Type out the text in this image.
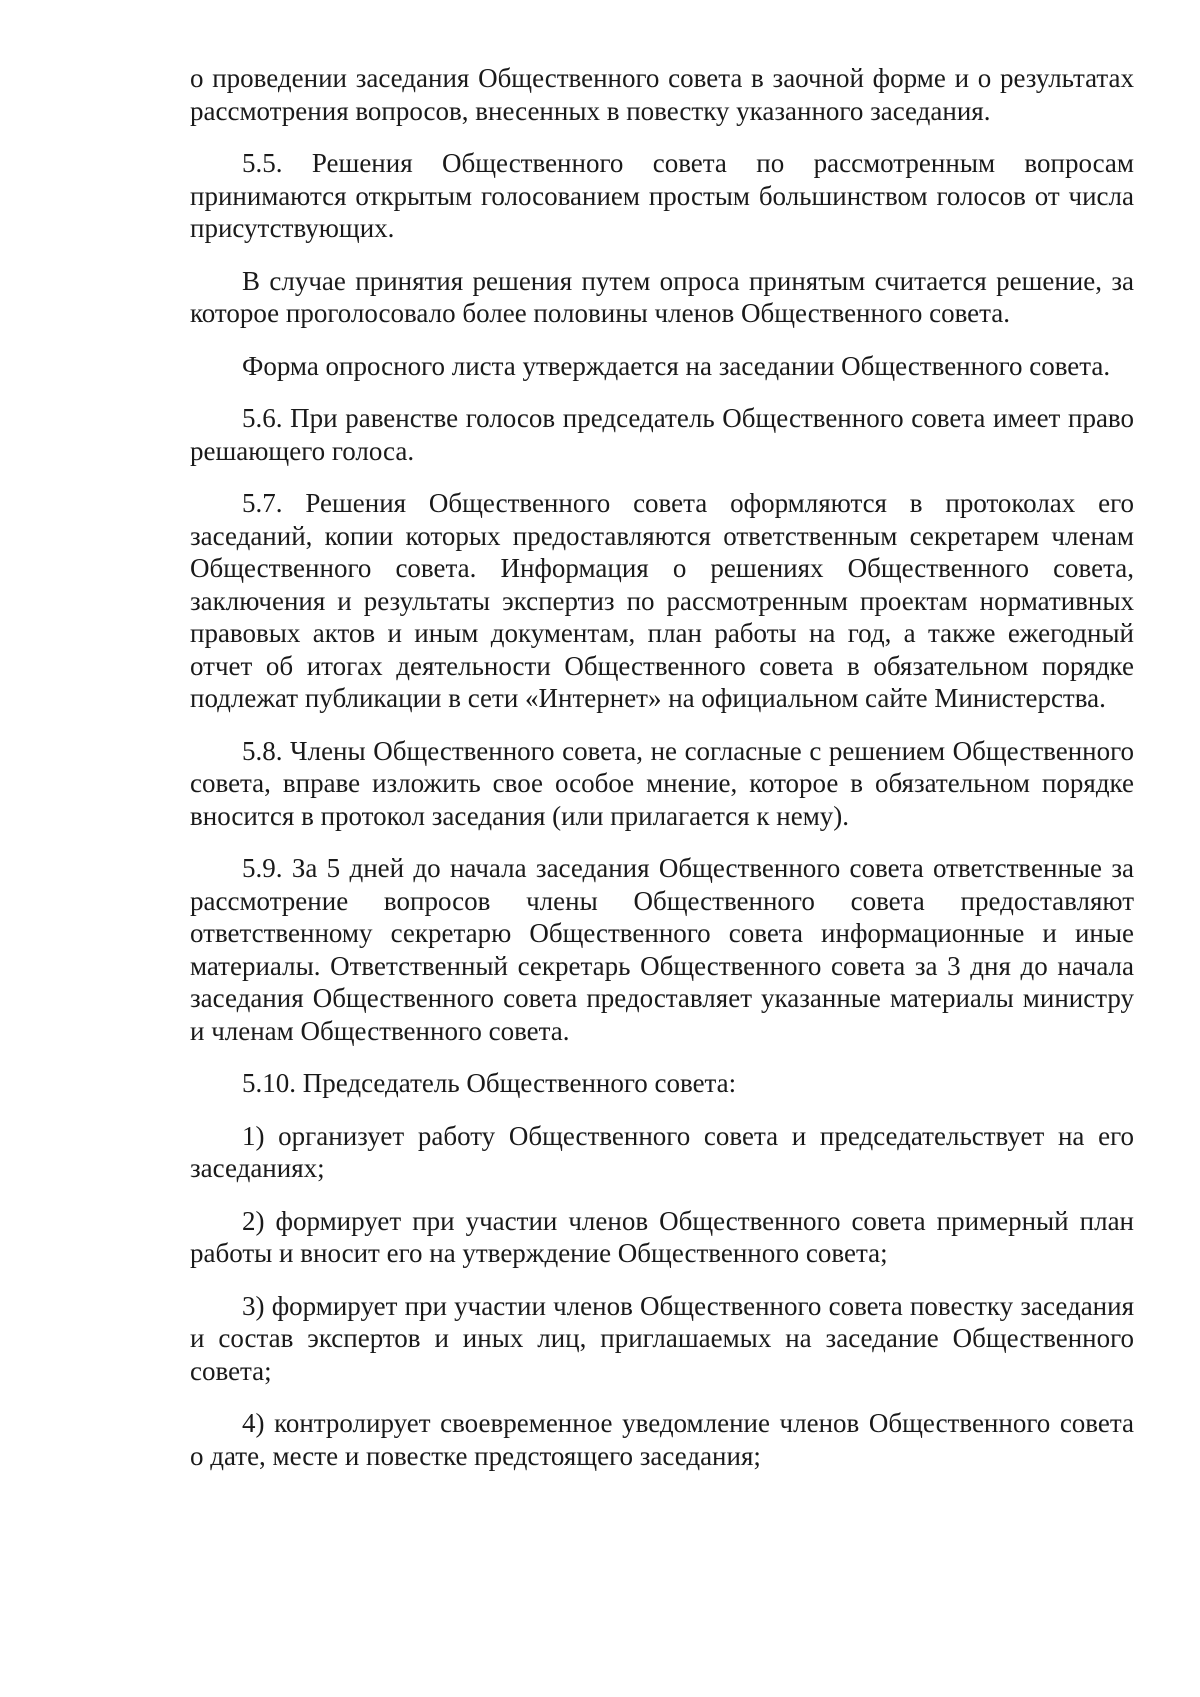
о проведении заседания Общественного совета в заочной форме и о результатах рассмотрения вопросов, внесенных в повестку указанного заседания.

5.5. Решения Общественного совета по рассмотренным вопросам принимаются открытым голосованием простым большинством голосов от числа присутствующих.

В случае принятия решения путем опроса принятым считается решение, за которое проголосовало более половины членов Общественного совета.

Форма опросного листа утверждается на заседании Общественного совета.

5.6. При равенстве голосов председатель Общественного совета имеет право решающего голоса.

5.7. Решения Общественного совета оформляются в протоколах его заседаний, копии которых предоставляются ответственным секретарем членам Общественного совета. Информация о решениях Общественного совета, заключения и результаты экспертиз по рассмотренным проектам нормативных правовых актов и иным документам, план работы на год, а также ежегодный отчет об итогах деятельности Общественного совета в обязательном порядке подлежат публикации в сети «Интернет» на официальном сайте Министерства.

5.8. Члены Общественного совета, не согласные с решением Общественного совета, вправе изложить свое особое мнение, которое в обязательном порядке вносится в протокол заседания (или прилагается к нему).

5.9. За 5 дней до начала заседания Общественного совета ответственные за рассмотрение вопросов члены Общественного совета предоставляют ответственному секретарю Общественного совета информационные и иные материалы. Ответственный секретарь Общественного совета за 3 дня до начала заседания Общественного совета предоставляет указанные материалы министру и членам Общественного совета.

5.10. Председатель Общественного совета:

1) организует работу Общественного совета и председательствует на его заседаниях;

2) формирует при участии членов Общественного совета примерный план работы и вносит его на утверждение Общественного совета;

3) формирует при участии членов Общественного совета повестку заседания и состав экспертов и иных лиц, приглашаемых на заседание Общественного совета;

4) контролирует своевременное уведомление членов Общественного совета о дате, месте и повестке предстоящего заседания;
